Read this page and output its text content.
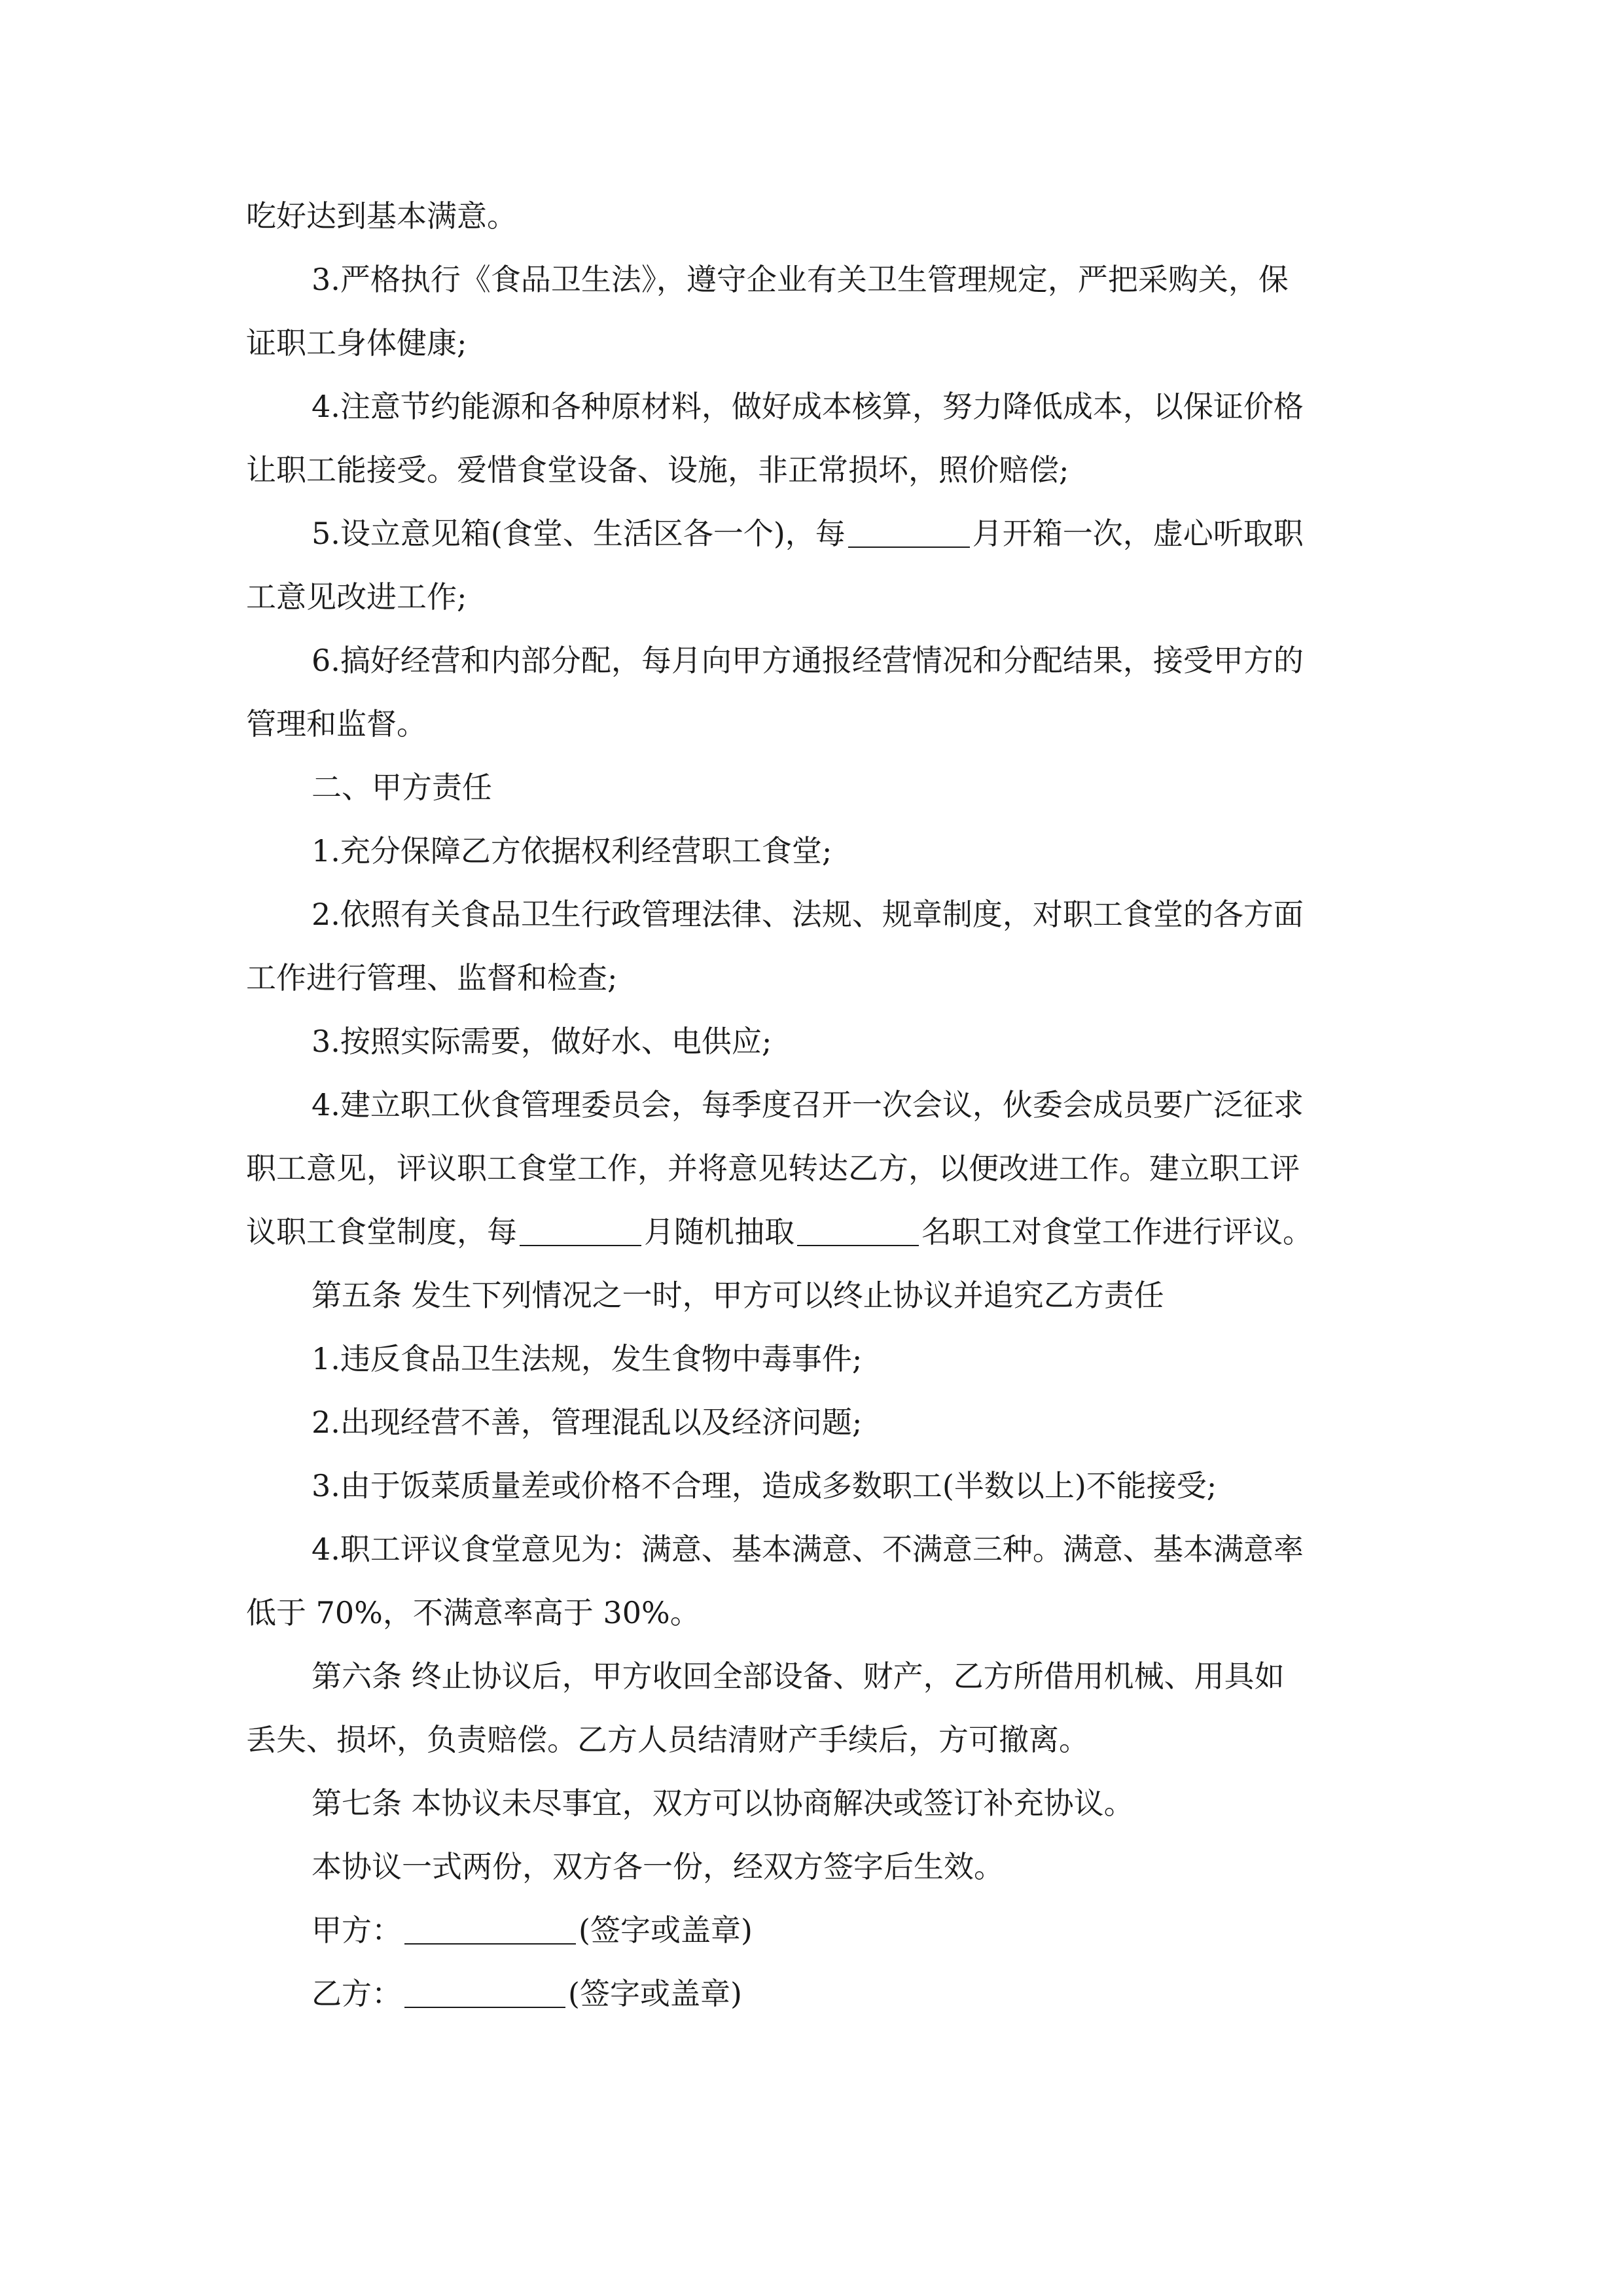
吃好达到基本满意。
3.严格执行《食品卫生法》，遵守企业有关卫生管理规定，严把采购关，保
证职工身体健康;
4.注意节约能源和各种原材料，做好成本核算，努力降低成本，以保证价格
让职工能接受。爱惜食堂设备、设施，非正常损坏，照价赔偿;
5.设立意见箱(食堂、生活区各一个)，每	月开箱一次，虚心听取职
工意见改进工作;
6.搞好经营和内部分配，每月向甲方通报经营情况和分配结果，接受甲方的
管理和监督。
二、甲方责任
1.充分保障乙方依据权利经营职工食堂;
2.依照有关食品卫生行政管理法律、法规、规章制度，对职工食堂的各方面
工作进行管理、监督和检查;
3.按照实际需要，做好水、电供应;
4.建立职工伙食管理委员会，每季度召开一次会议，伙委会成员要广泛征求
职工意见，评议职工食堂工作，并将意见转达乙方，以便改进工作。建立职工评
议职工食堂制度，每	月随机抽取	名职工对食堂工作进行评议。
第五条 发生下列情况之一时，甲方可以终止协议并追究乙方责任
1.违反食品卫生法规，发生食物中毒事件;
2.出现经营不善，管理混乱以及经济问题;
3.由于饭菜质量差或价格不合理，造成多数职工(半数以上)不能接受;
4.职工评议食堂意见为：满意、基本满意、不满意三种。满意、基本满意率
低于 70%，不满意率高于 30%。
第六条 终止协议后，甲方收回全部设备、财产，乙方所借用机械、用具如
丢失、损坏，负责赔偿。乙方人员结清财产手续后，方可撤离。
第七条 本协议未尽事宜，双方可以协商解决或签订补充协议。
本协议一式两份，双方各一份，经双方签字后生效。
甲方：	(签字或盖章)
乙方：	(签字或盖章)
